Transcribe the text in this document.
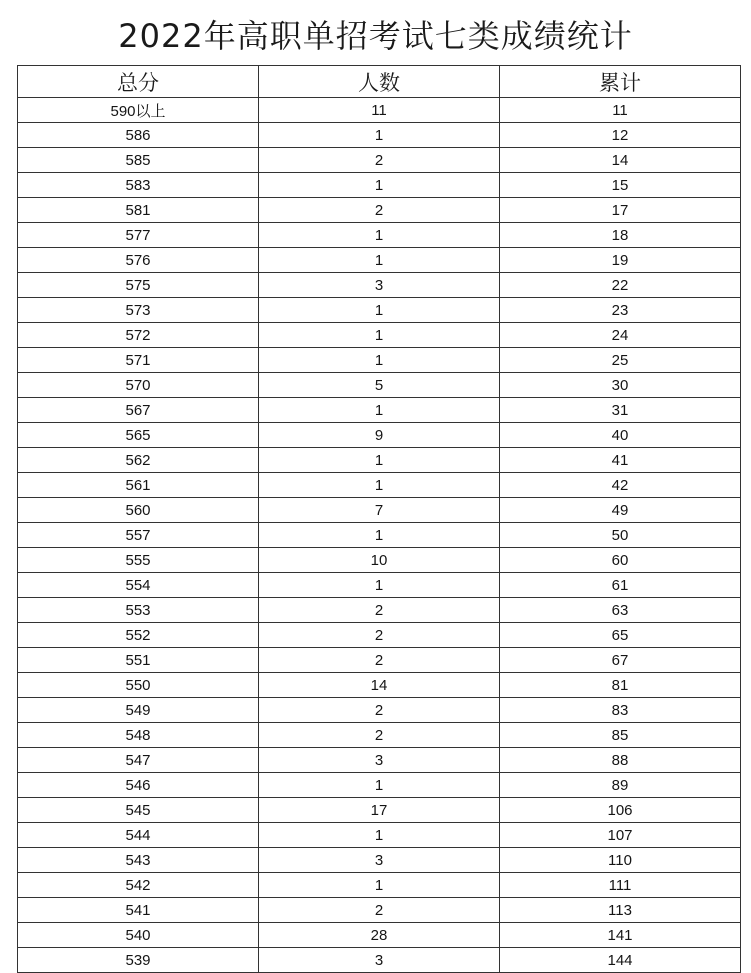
2022年高职单招考试七类成绩统计
总分	人数	累计
590以上	11	11
586	1	12
585	2	14
583	1	15
581	2	17
577	1	18
576	1	19
575	3	22
573	1	23
572	1	24
571	1	25
570	5	30
567	1	31
565	9	40
562	1	41
561	1	42
560	7	49
557	1	50
555	10	60
554	1	61
553	2	63
552	2	65
551	2	67
550	14	81
549	2	83
548	2	85
547	3	88
546	1	89
545	17	106
544	1	107
543	3	110
542	1	111
541	2	113
540	28	141
539	3	144
